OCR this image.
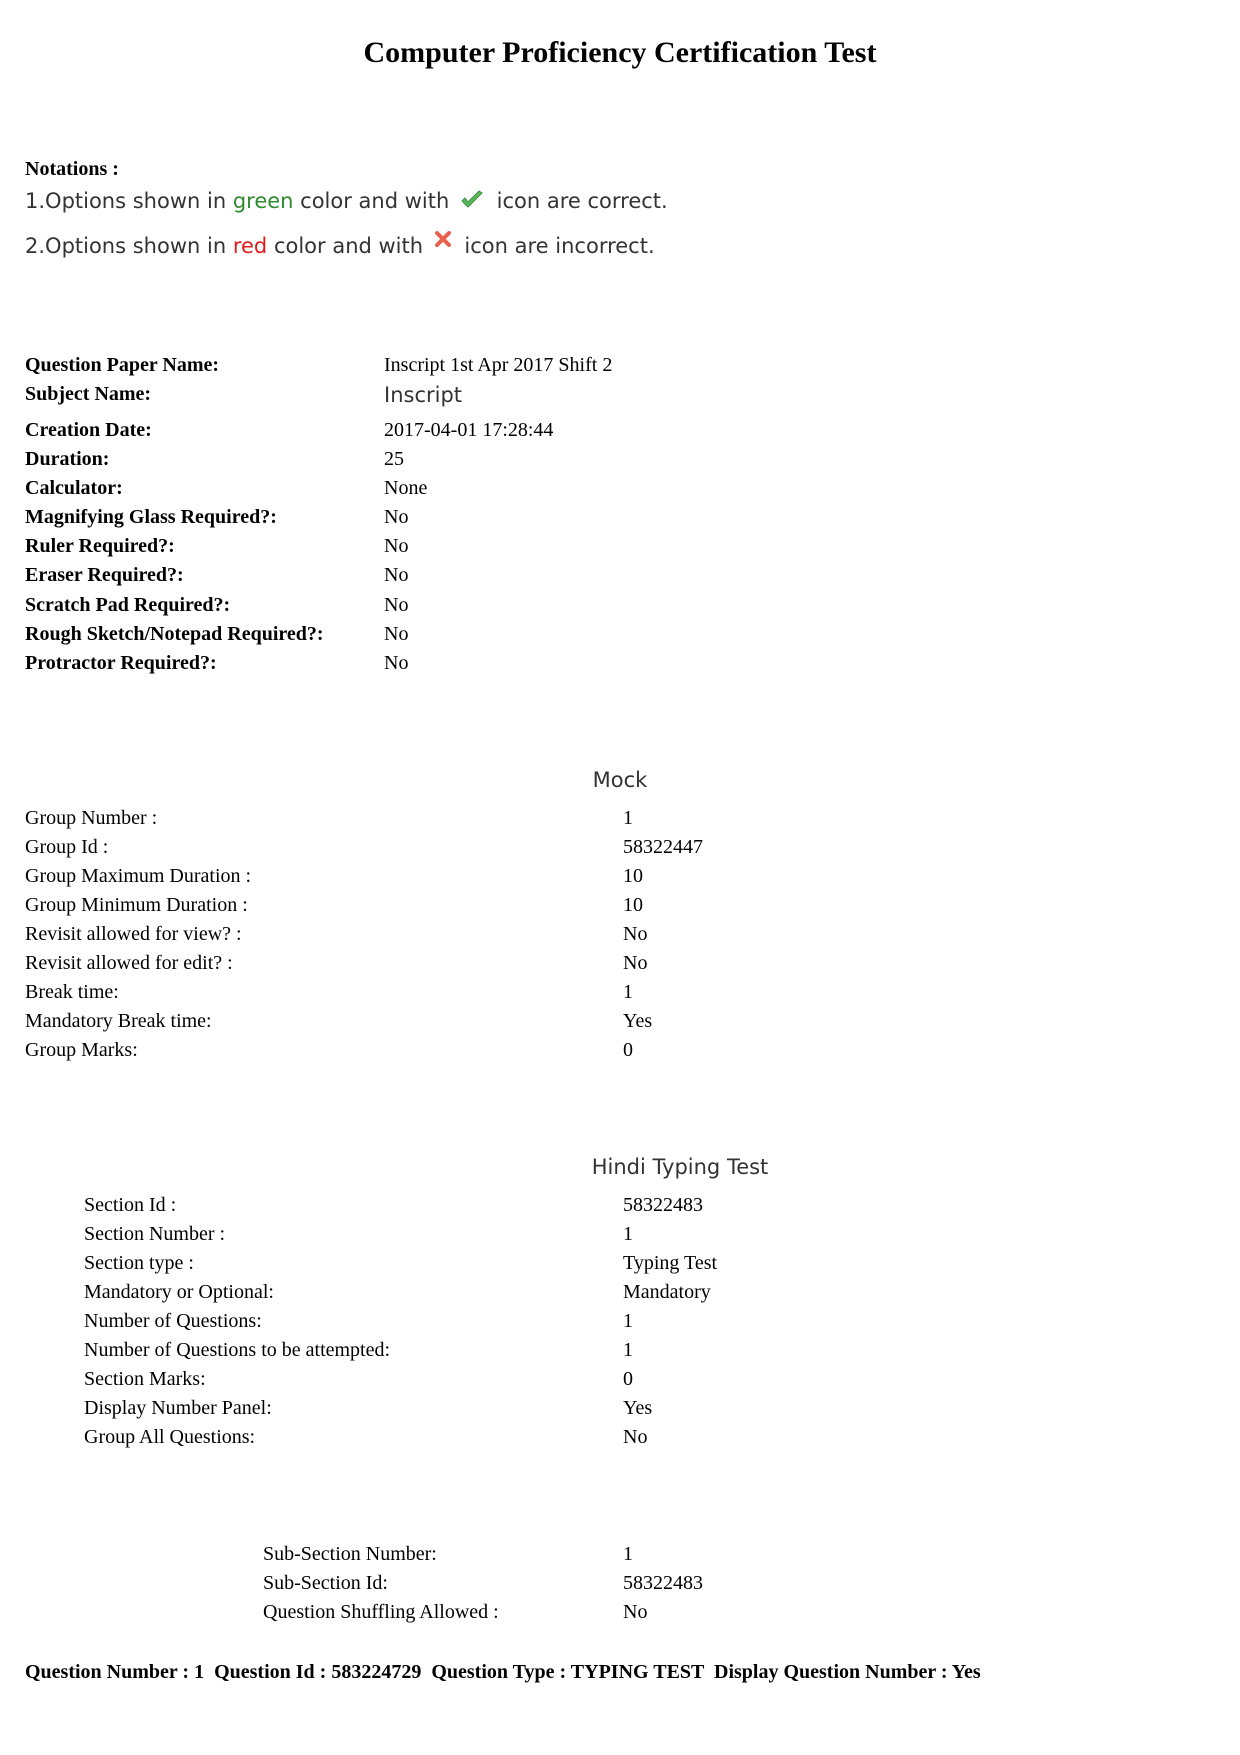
Computer Proficiency Certification Test
Notations :
1.Options shown in green color and with  icon are correct.
2.Options shown in red color and with  icon are incorrect.
Question Paper Name:	Inscript 1st Apr 2017 Shift 2
Subject Name:	Inscript
Creation Date:	2017-04-01 17:28:44
Duration:	25
Calculator:	None
Magnifying Glass Required?:	No
Ruler Required?:	No
Eraser Required?:	No
Scratch Pad Required?:	No
Rough Sketch/Notepad Required?:	No
Protractor Required?:	No
Mock
Group Number :	1
Group Id :	58322447
Group Maximum Duration :	10
Group Minimum Duration :	10
Revisit allowed for view? :	No
Revisit allowed for edit? :	No
Break time:	1
Mandatory Break time:	Yes
Group Marks:	0
Hindi Typing Test
Section Id :	58322483
Section Number :	1
Section type :	Typing Test
Mandatory or Optional:	Mandatory
Number of Questions:	1
Number of Questions to be attempted:	1
Section Marks:	0
Display Number Panel:	Yes
Group All Questions:	No
Sub-Section Number:	1
Sub-Section Id:	58322483
Question Shuffling Allowed :	No
Question Number : 1  Question Id : 583224729  Question Type : TYPING TEST  Display Question Number : Yes
